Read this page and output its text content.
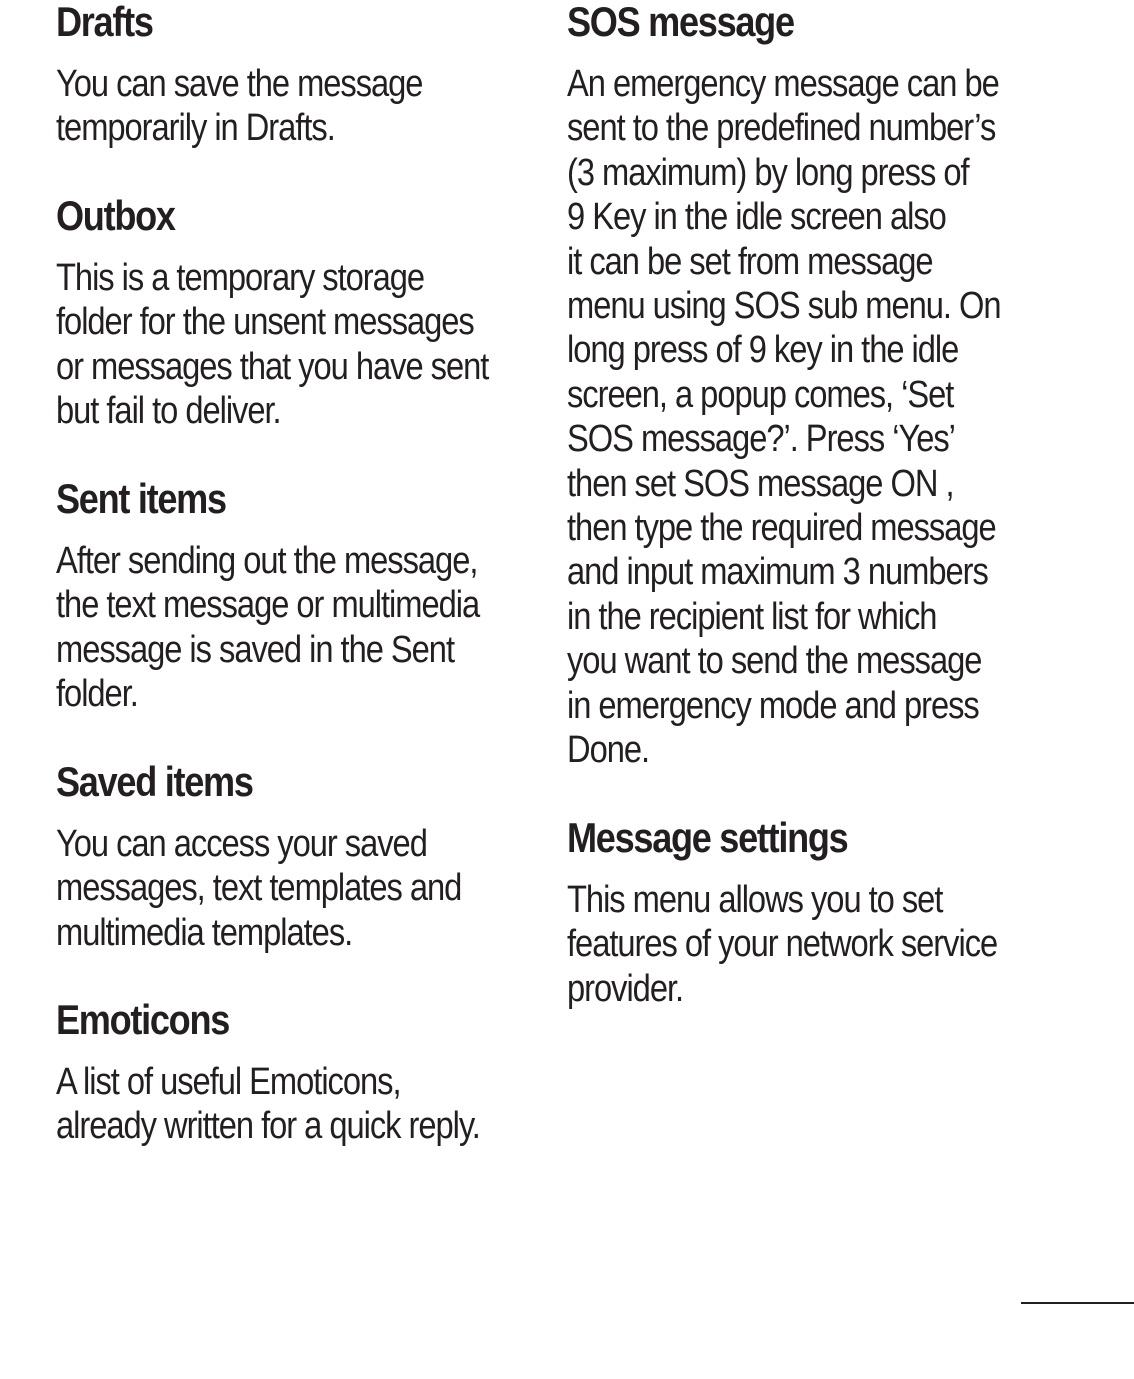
Drafts

You can save the message
temporarily in Drafts.

Outbox

This is a temporary storage
folder for the unsent messages
or messages that you have sent
but fail to deliver.

Sent items

After sending out the message,
the text message or multimedia
message is saved in the Sent
folder.

Saved items

You can access your saved
messages, text templates and
multimedia templates.

Emoticons

A list of useful Emoticons,
already written for a quick reply.

SOS message

An emergency message can be
sent to the predefined number’s
(3 maximum) by long press of
9 Key in the idle screen also
it can be set from message
menu using SOS sub menu. On
long press of 9 key in the idle
screen, a popup comes, ‘Set
SOS message?’. Press ‘Yes’
then set SOS message ON ,
then type the required message
and input maximum 3 numbers
in the recipient list for which
you want to send the message
in emergency mode and press
Done.

Message settings

This menu allows you to set
features of your network service
provider.
